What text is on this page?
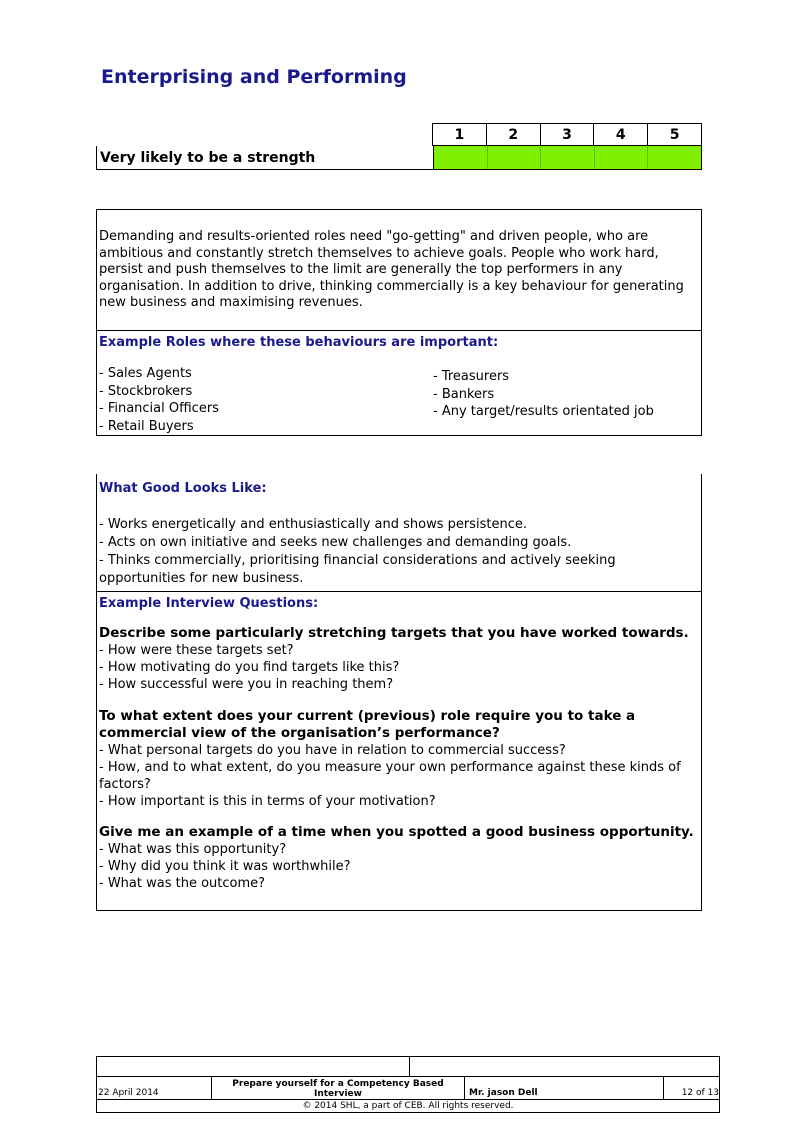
Enterprising and Performing
1	2	3	4	5
Very likely to be a strength
Demanding and results-oriented roles need "go-getting" and driven people, who are ambitious and constantly stretch themselves to achieve goals. People who work hard, persist and push themselves to the limit are generally the top performers in any organisation. In addition to drive, thinking commercially is a key behaviour for generating new business and maximising revenues.
Example Roles where these behaviours are important:
- Sales Agents
- Stockbrokers
- Financial Officers
- Retail Buyers
- Treasurers
- Bankers
- Any target/results orientated job
What Good Looks Like:
- Works energetically and enthusiastically and shows persistence.
- Acts on own initiative and seeks new challenges and demanding goals.
- Thinks commercially, prioritising financial considerations and actively seeking opportunities for new business.
Example Interview Questions:
Describe some particularly stretching targets that you have worked towards.
- How were these targets set?
- How motivating do you find targets like this?
- How successful were you in reaching them?
To what extent does your current (previous) role require you to take a commercial view of the organisation’s performance?
- What personal targets do you have in relation to commercial success?
- How, and to what extent, do you measure your own performance against these kinds of factors?
- How important is this in terms of your motivation?
Give me an example of a time when you spotted a good business opportunity.
- What was this opportunity?
- Why did you think it was worthwhile?
- What was the outcome?
22 April 2014
Prepare yourself for a Competency Based Interview	Mr. jason Dell	12 of 13
© 2014 SHL, a part of CEB. All rights reserved.
